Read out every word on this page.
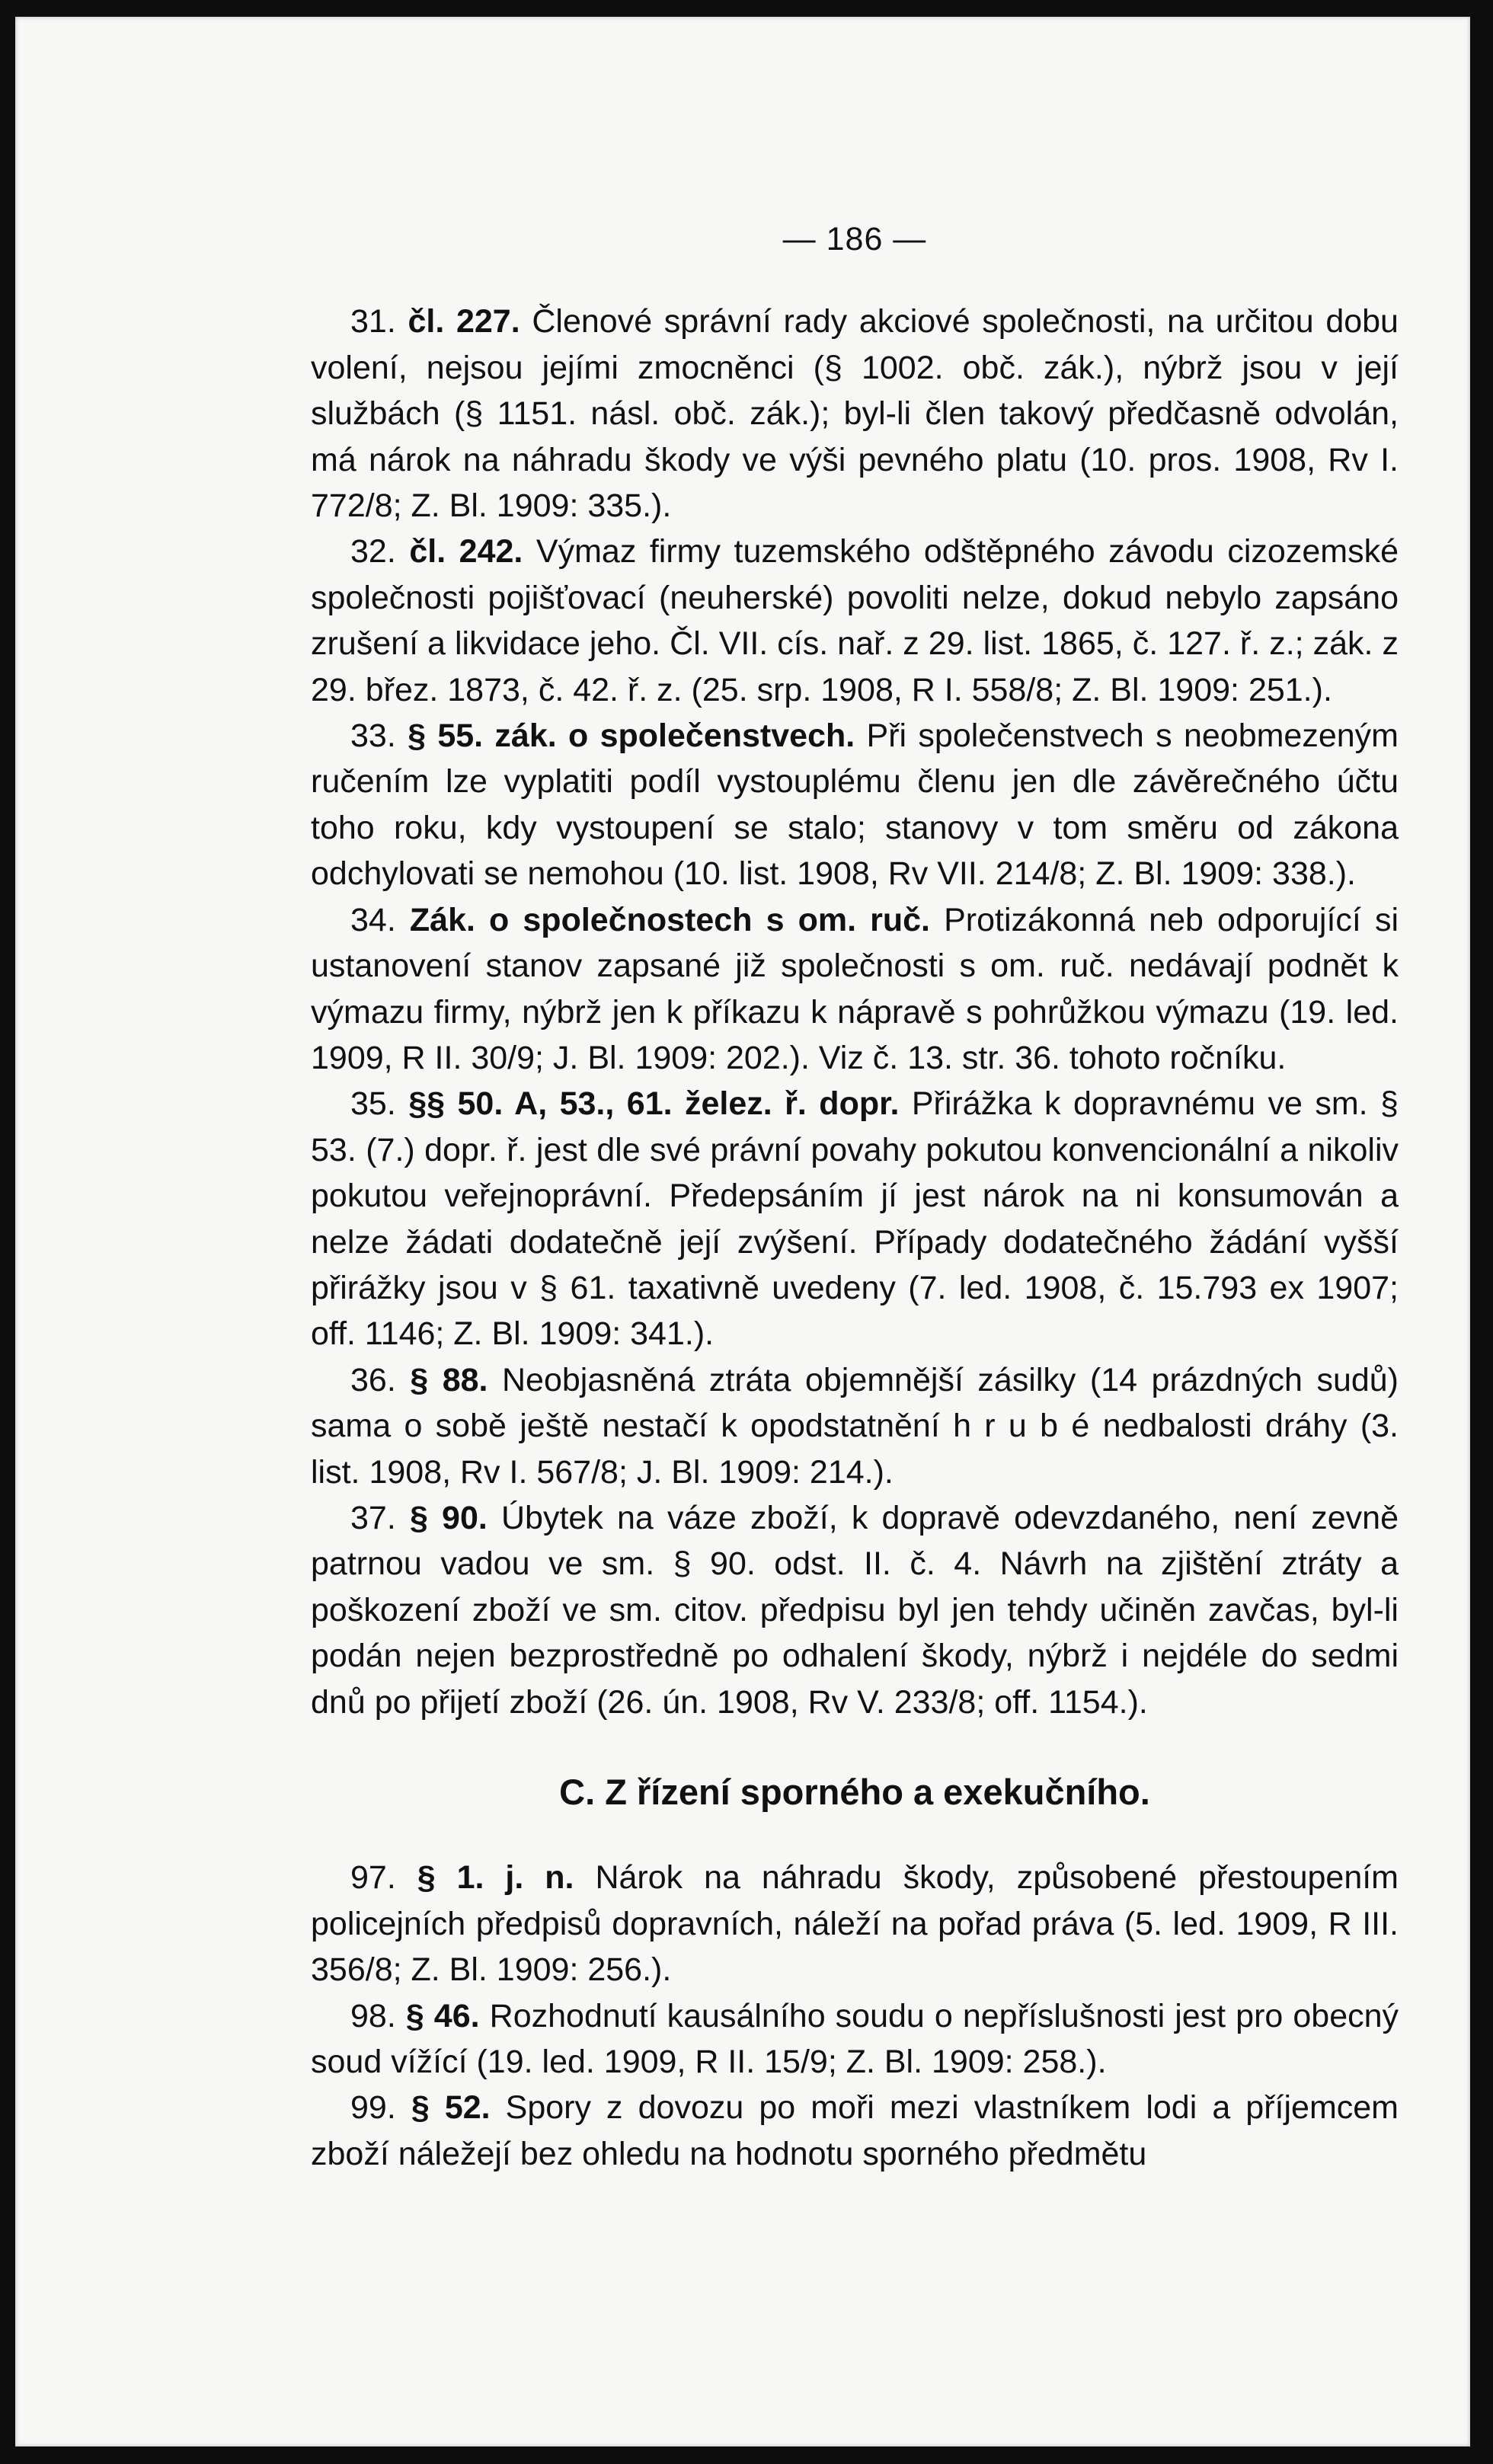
— 186 —

31. čl. 227. Členové správní rady akciové společnosti, na určitou dobu volení, nejsou jejími zmocněnci (§ 1002. obč. zák.), nýbrž jsou v její službách (§ 1151. násl. obč. zák.); byl-li člen takový předčasně odvolán, má nárok na náhradu škody ve výši pevného platu (10. pros. 1908, Rv I. 772/8; Z. Bl. 1909: 335.).

32. čl. 242. Výmaz firmy tuzemského odštěpného závodu cizozemské společnosti pojišťovací (neuherské) povoliti nelze, dokud nebylo zapsáno zrušení a likvidace jeho. Čl. VII. cís. nař. z 29. list. 1865, č. 127. ř. z.; zák. z 29. břez. 1873, č. 42. ř. z. (25. srp. 1908, R I. 558/8; Z. Bl. 1909: 251.).

33. § 55. zák. o společenstvech. Při společenstvech s neobmezeným ručením lze vyplatiti podíl vystouplému členu jen dle závěrečného účtu toho roku, kdy vystoupení se stalo; stanovy v tom směru od zákona odchylovati se nemohou (10. list. 1908, Rv VII. 214/8; Z. Bl. 1909: 338.).

34. Zák. o společnostech s om. ruč. Protizákonná neb odporující si ustanovení stanov zapsané již společnosti s om. ruč. nedávají podnět k výmazu firmy, nýbrž jen k příkazu k nápravě s pohrůžkou výmazu (19. led. 1909, R II. 30/9; J. Bl. 1909: 202.). Viz č. 13. str. 36. tohoto ročníku.

35. §§ 50. A, 53., 61. želez. ř. dopr. Přirážka k dopravnému ve sm. § 53. (7.) dopr. ř. jest dle své právní povahy pokutou konvencionální a nikoliv pokutou veřejnoprávní. Předepsáním jí jest nárok na ni konsumován a nelze žádati dodatečně její zvýšení. Případy dodatečného žádání vyšší přirážky jsou v § 61. taxativně uvedeny (7. led. 1908, č. 15.793 ex 1907; off. 1146; Z. Bl. 1909: 341.).

36. § 88. Neobjasněná ztráta objemnější zásilky (14 prázdných sudů) sama o sobě ještě nestačí k opodstatnění h r u b é nedbalosti dráhy (3. list. 1908, Rv I. 567/8; J. Bl. 1909: 214.).

37. § 90. Úbytek na váze zboží, k dopravě odevzdaného, není zevně patrnou vadou ve sm. § 90. odst. II. č. 4. Návrh na zjištění ztráty a poškození zboží ve sm. citov. předpisu byl jen tehdy učiněn zavčas, byl-li podán nejen bezprostředně po odhalení škody, nýbrž i nejdéle do sedmi dnů po přijetí zboží (26. ún. 1908, Rv V. 233/8; off. 1154.).

C. Z řízení sporného a exekučního.

97. § 1. j. n. Nárok na náhradu škody, způsobené přestoupením policejních předpisů dopravních, náleží na pořad práva (5. led. 1909, R III. 356/8; Z. Bl. 1909: 256.).

98. § 46. Rozhodnutí kausálního soudu o nepříslušnosti jest pro obecný soud vížící (19. led. 1909, R II. 15/9; Z. Bl. 1909: 258.).

99. § 52. Spory z dovozu po moři mezi vlastníkem lodi a příjemcem zboží náležejí bez ohledu na hodnotu sporného předmětu
